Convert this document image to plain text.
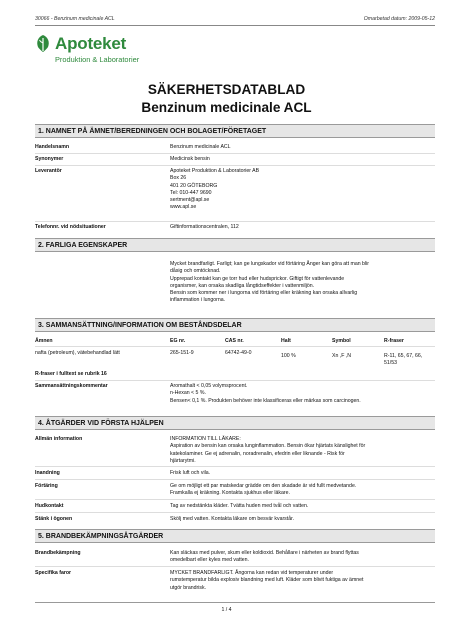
30066 - Benzinum medicinale ACL	Omarbetad datum: 2009-05-12
Apoteket
Produktion & Laboratorier
SÄKERHETSDATABLAD
Benzinum medicinale ACL
1. NAMNET PÅ ÄMNET/BEREDNINGEN OCH BOLAGET/FÖRETAGET
Handelsnamn	Benzinum medicinale ACL
Synonymer	Medicinsk bensin
Leverantör	Apoteket Produktion & Laboratorier AB
Box 26
401 20 GÖTEBORG
Tel: 010-447 9690
sertment@apl.se
www.apl.se
Telefonnr. vid nödsituationer	Giftinformationscentralen, 112
2. FARLIGA EGENSKAPER
Mycket brandfarligt. Farligt; kan ge lungskador vid förtäring Ånger kan göra att man blir
dåsig och omtöcknad.
Upprepad kontakt kan ge torr hud eller hudsprickor. Giftigt för vattenlevande
organismer, kan orsaka skadliga långtidseffekter i vattenmiljön.
Bensin som kommer ner i lungorna vid förtäring eller kräkning kan orsaka allvarlig
inflammation i lungorna.
3. SAMMANSÄTTNING/INFORMATION OM BESTÅNDSDELAR
Ämnen	EG nr.	CAS nr.	Halt	Symbol	R-fraser
nafta (petroleum), vätebehandlad lätt	265-151-9	64742-49-0	100 %	Xn ,F ,N	R-11, 65, 67, 66,
51/53
R-fraser i fulltext se rubrik 16
Sammansättningskommentar	Aromathalt < 0,05 volymsprocent.
n-Hexan < 5 %.
Bensen< 0,1 %. Produkten behöver inte klassificeras eller märkas som carcinogen.
4. ÅTGÄRDER VID FÖRSTA HJÄLPEN
Allmän information	INFORMATION TILL LÄKARE:
Aspiration av bensin kan orsaka lunginflammation. Bensin ökar hjärtats känslighet för
katekolaminer. Ge ej adrenalin, noradrenalin, efedrin eller liknande - Risk för
hjärtarytmi.
Inandning	Frisk luft och vila.
Förtäring	Ge om möjligt ett par matskedar grädde om den skadade är vid fullt medvetande.
Framkalla ej kräkning. Kontakta sjukhus eller läkare.
Hudkontakt	Tag av nedstänkta kläder. Tvätta huden med tvål och vatten.
Stänk i ögonen	Skölj med vatten. Kontakta läkare om besvär kvarstår.
5. BRANDBEKÄMPNINGSÅTGÄRDER
Brandbekämpning	Kan släckas med pulver, skum eller koldioxid. Behållare i närheten av brand flyttas
omedelbart eller kyles med vatten.
Specifika faror	MYCKET BRANDFARLIGT. Ångorna kan redan vid temperaturer under
rumstemperatur bilda explosiv blandning med luft. Kläder som blivit fuktiga av ämnet
utgör brandrisk.
1 / 4
